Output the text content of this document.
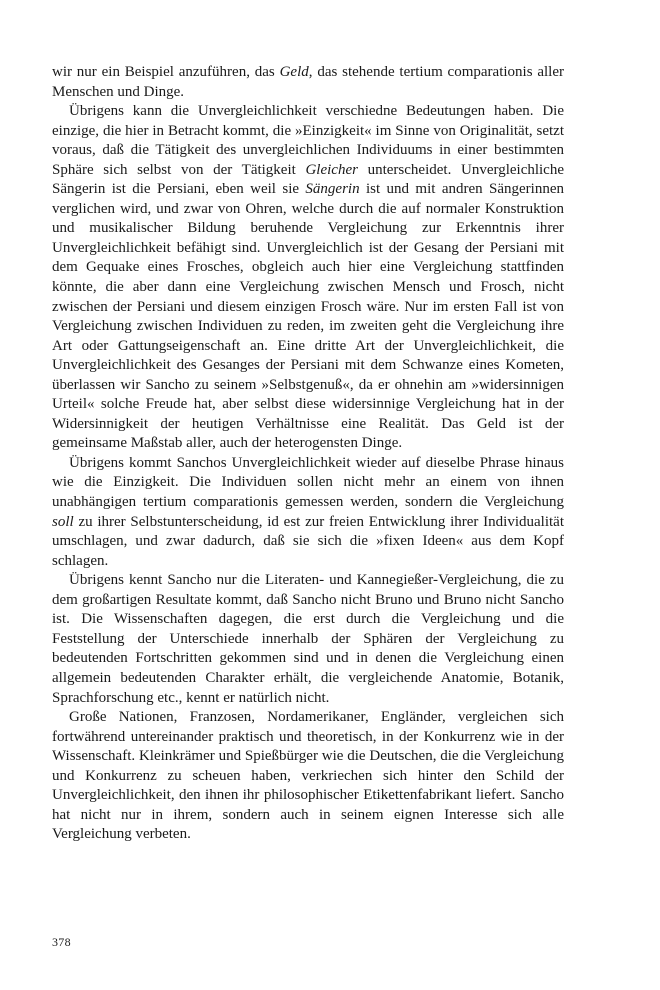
wir nur ein Beispiel anzuführen, das Geld, das stehende tertium comparationis aller Menschen und Dinge.

Übrigens kann die Unvergleichlichkeit verschiedne Bedeutungen haben. Die einzige, die hier in Betracht kommt, die »Einzigkeit« im Sinne von Originalität, setzt voraus, daß die Tätigkeit des unvergleichlichen Individuums in einer bestimmten Sphäre sich selbst von der Tätigkeit Gleicher unterscheidet. Unvergleichliche Sängerin ist die Persiani, eben weil sie Sängerin ist und mit andren Sängerinnen verglichen wird, und zwar von Ohren, welche durch die auf normaler Konstruktion und musikalischer Bildung beruhende Vergleichung zur Erkenntnis ihrer Unvergleichlichkeit befähigt sind. Unvergleichlich ist der Gesang der Persiani mit dem Gequake eines Frosches, obgleich auch hier eine Vergleichung stattfinden könnte, die aber dann eine Vergleichung zwischen Mensch und Frosch, nicht zwischen der Persiani und diesem einzigen Frosch wäre. Nur im ersten Fall ist von Vergleichung zwischen Individuen zu reden, im zweiten geht die Vergleichung ihre Art oder Gattungseigenschaft an. Eine dritte Art der Unvergleichlichkeit, die Unvergleichlichkeit des Gesanges der Persiani mit dem Schwanze eines Kometen, überlassen wir Sancho zu seinem »Selbstgenuß«, da er ohnehin am »widersinnigen Urteil« solche Freude hat, aber selbst diese widersinnige Vergleichung hat in der Widersinnigkeit der heutigen Verhältnisse eine Realität. Das Geld ist der gemeinsame Maßstab aller, auch der heterogensten Dinge.

Übrigens kommt Sanchos Unvergleichlichkeit wieder auf dieselbe Phrase hinaus wie die Einzigkeit. Die Individuen sollen nicht mehr an einem von ihnen unabhängigen tertium comparationis gemessen werden, sondern die Vergleichung soll zu ihrer Selbstunterscheidung, id est zur freien Entwicklung ihrer Individualität umschlagen, und zwar dadurch, daß sie sich die »fixen Ideen« aus dem Kopf schlagen.

Übrigens kennt Sancho nur die Literaten- und Kannegießer-Vergleichung, die zu dem großartigen Resultate kommt, daß Sancho nicht Bruno und Bruno nicht Sancho ist. Die Wissenschaften dagegen, die erst durch die Vergleichung und die Feststellung der Unterschiede innerhalb der Sphären der Vergleichung zu bedeutenden Fortschritten gekommen sind und in denen die Vergleichung einen allgemein bedeutenden Charakter erhält, die vergleichende Anatomie, Botanik, Sprachforschung etc., kennt er natürlich nicht.

Große Nationen, Franzosen, Nordamerikaner, Engländer, vergleichen sich fortwährend untereinander praktisch und theoretisch, in der Konkurrenz wie in der Wissenschaft. Kleinkrämer und Spießbürger wie die Deutschen, die die Vergleichung und Konkurrenz zu scheuen haben, verkriechen sich hinter den Schild der Unvergleichlichkeit, den ihnen ihr philosophischer Etikettenfabrikant liefert. Sancho hat nicht nur in ihrem, sondern auch in seinem eignen Interesse sich alle Vergleichung verbeten.

378
